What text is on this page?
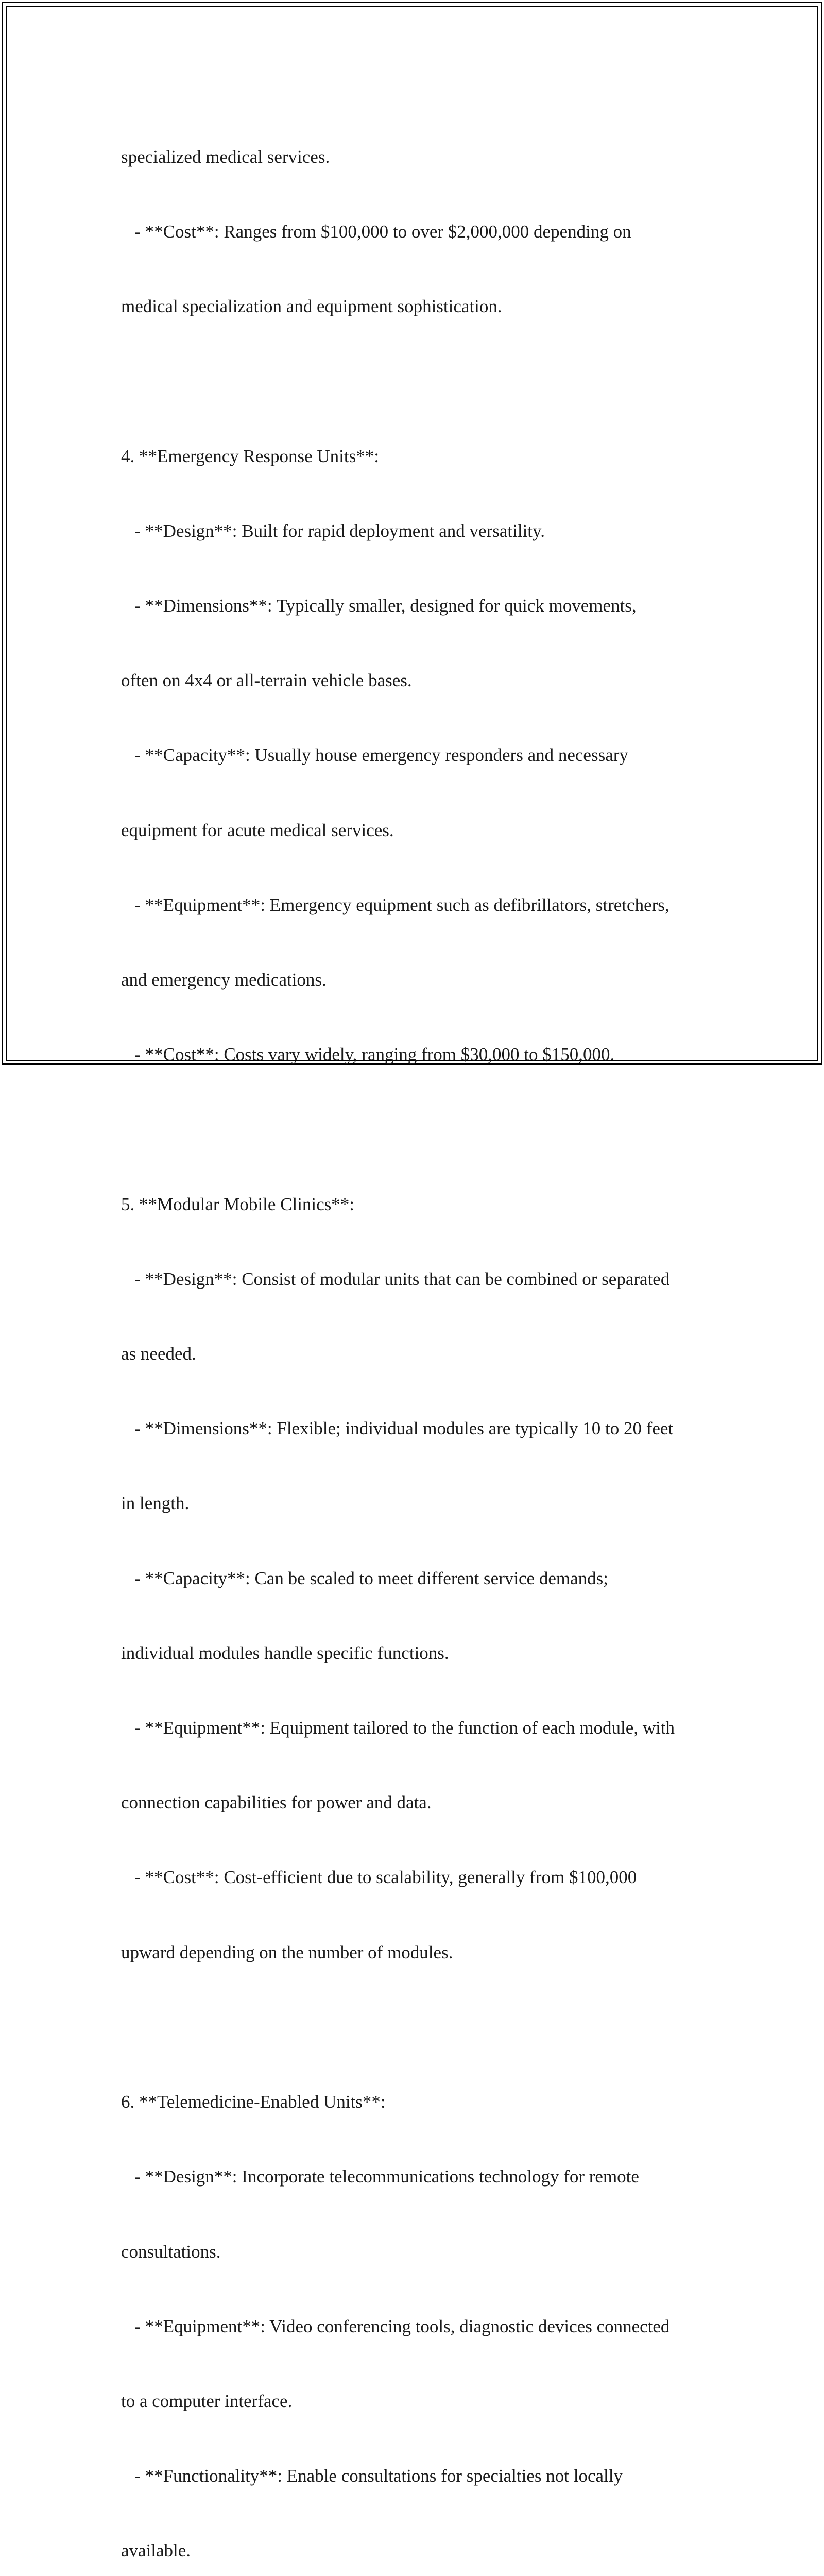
specialized medical services.

- **Cost**: Ranges from $100,000 to over $2,000,000 depending on

medical specialization and equipment sophistication.

4. **Emergency Response Units**:

- **Design**: Built for rapid deployment and versatility.

- **Dimensions**: Typically smaller, designed for quick movements,

often on 4x4 or all-terrain vehicle bases.

- **Capacity**: Usually house emergency responders and necessary

equipment for acute medical services.

- **Equipment**: Emergency equipment such as defibrillators, stretchers,

and emergency medications.

- **Cost**: Costs vary widely, ranging from $30,000 to $150,000.

5. **Modular Mobile Clinics**:

- **Design**: Consist of modular units that can be combined or separated

as needed.

- **Dimensions**: Flexible; individual modules are typically 10 to 20 feet

in length.

- **Capacity**: Can be scaled to meet different service demands;

individual modules handle specific functions.

- **Equipment**: Equipment tailored to the function of each module, with

connection capabilities for power and data.

- **Cost**: Cost-efficient due to scalability, generally from $100,000

upward depending on the number of modules.

6. **Telemedicine-Enabled Units**:

- **Design**: Incorporate telecommunications technology for remote

consultations.

- **Equipment**: Video conferencing tools, diagnostic devices connected

to a computer interface.

- **Functionality**: Enable consultations for specialties not locally

available.
